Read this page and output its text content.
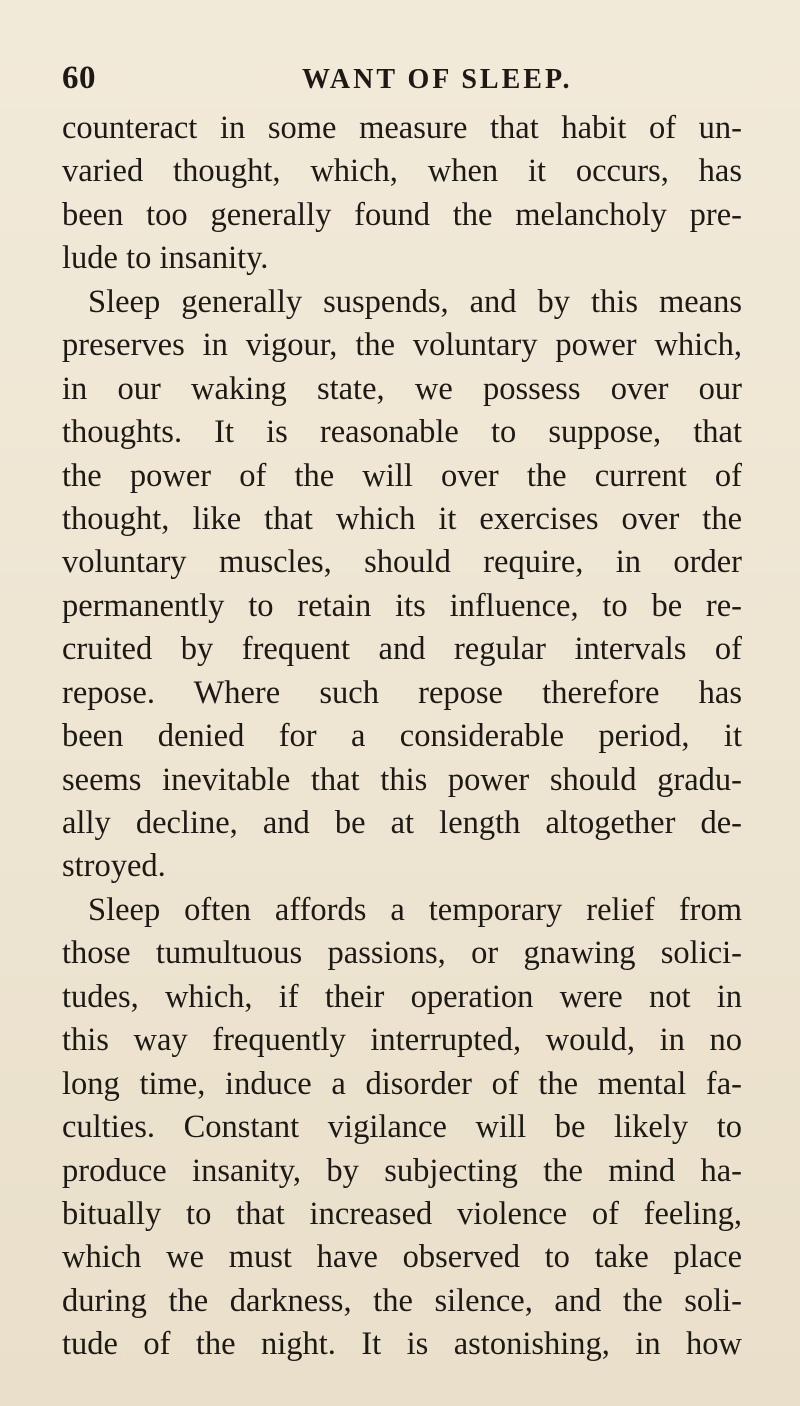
60	WANT OF SLEEP.
counteract in some measure that habit of un-
varied thought, which, when it occurs, has
been too generally found the melancholy pre-
lude to insanity.
Sleep generally suspends, and by this means
preserves in vigour, the voluntary power which,
in our waking state, we possess over our
thoughts. It is reasonable to suppose, that
the power of the will over the current of
thought, like that which it exercises over the
voluntary muscles, should require, in order
permanently to retain its influence, to be re-
cruited by frequent and regular intervals of
repose. Where such repose therefore has
been denied for a considerable period, it
seems inevitable that this power should gradu-
ally decline, and be at length altogether de-
stroyed.
Sleep often affords a temporary relief from
those tumultuous passions, or gnawing solici-
tudes, which, if their operation were not in
this way frequently interrupted, would, in no
long time, induce a disorder of the mental fa-
culties. Constant vigilance will be likely to
produce insanity, by subjecting the mind ha-
bitually to that increased violence of feeling,
which we must have observed to take place
during the darkness, the silence, and the soli-
tude of the night. It is astonishing, in how
